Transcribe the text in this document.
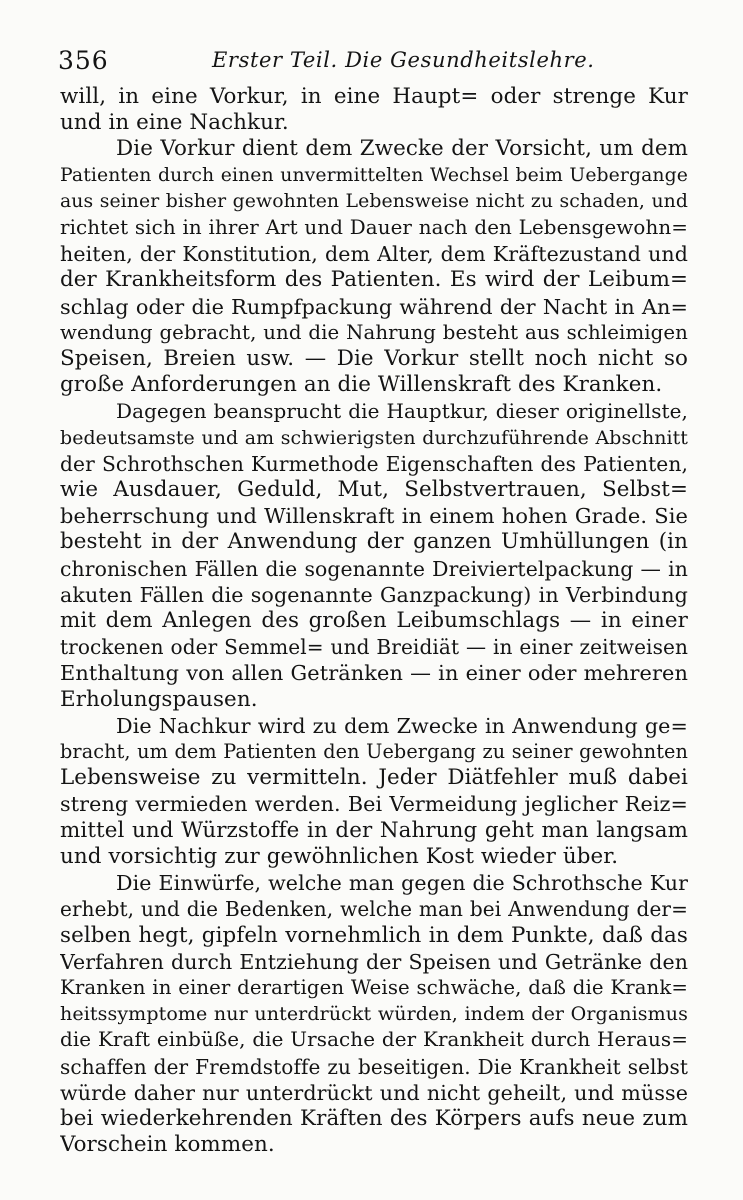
356	Erster Teil. Die Gesundheitslehre.

will, in eine Vorkur, in eine Haupt= oder strenge Kur
und in eine Nachkur.

Die Vorkur dient dem Zwecke der Vorsicht, um dem
Patienten durch einen unvermittelten Wechsel beim Uebergange
aus seiner bisher gewohnten Lebensweise nicht zu schaden, und
richtet sich in ihrer Art und Dauer nach den Lebensgewohn=
heiten, der Konstitution, dem Alter, dem Kräftezustand und
der Krankheitsform des Patienten. Es wird der Leibum=
schlag oder die Rumpfpackung während der Nacht in An=
wendung gebracht, und die Nahrung besteht aus schleimigen
Speisen, Breien usw. — Die Vorkur stellt noch nicht so
große Anforderungen an die Willenskraft des Kranken.

Dagegen beansprucht die Hauptkur, dieser originellste,
bedeutsamste und am schwierigsten durchzuführende Abschnitt
der Schrothschen Kurmethode Eigenschaften des Patienten,
wie Ausdauer, Geduld, Mut, Selbstvertrauen, Selbst=
beherrschung und Willenskraft in einem hohen Grade. Sie
besteht in der Anwendung der ganzen Umhüllungen (in
chronischen Fällen die sogenannte Dreiviertelpackung — in
akuten Fällen die sogenannte Ganzpackung) in Verbindung
mit dem Anlegen des großen Leibumschlags — in einer
trockenen oder Semmel= und Breidiät — in einer zeitweisen
Enthaltung von allen Getränken — in einer oder mehreren
Erholungspausen.

Die Nachkur wird zu dem Zwecke in Anwendung ge=
bracht, um dem Patienten den Uebergang zu seiner gewohnten
Lebensweise zu vermitteln. Jeder Diätfehler muß dabei
streng vermieden werden. Bei Vermeidung jeglicher Reiz=
mittel und Würzstoffe in der Nahrung geht man langsam
und vorsichtig zur gewöhnlichen Kost wieder über.

Die Einwürfe, welche man gegen die Schrothsche Kur
erhebt, und die Bedenken, welche man bei Anwendung der=
selben hegt, gipfeln vornehmlich in dem Punkte, daß das
Verfahren durch Entziehung der Speisen und Getränke den
Kranken in einer derartigen Weise schwäche, daß die Krank=
heitssymptome nur unterdrückt würden, indem der Organismus
die Kraft einbüße, die Ursache der Krankheit durch Heraus=
schaffen der Fremdstoffe zu beseitigen. Die Krankheit selbst
würde daher nur unterdrückt und nicht geheilt, und müsse
bei wiederkehrenden Kräften des Körpers aufs neue zum
Vorschein kommen.
